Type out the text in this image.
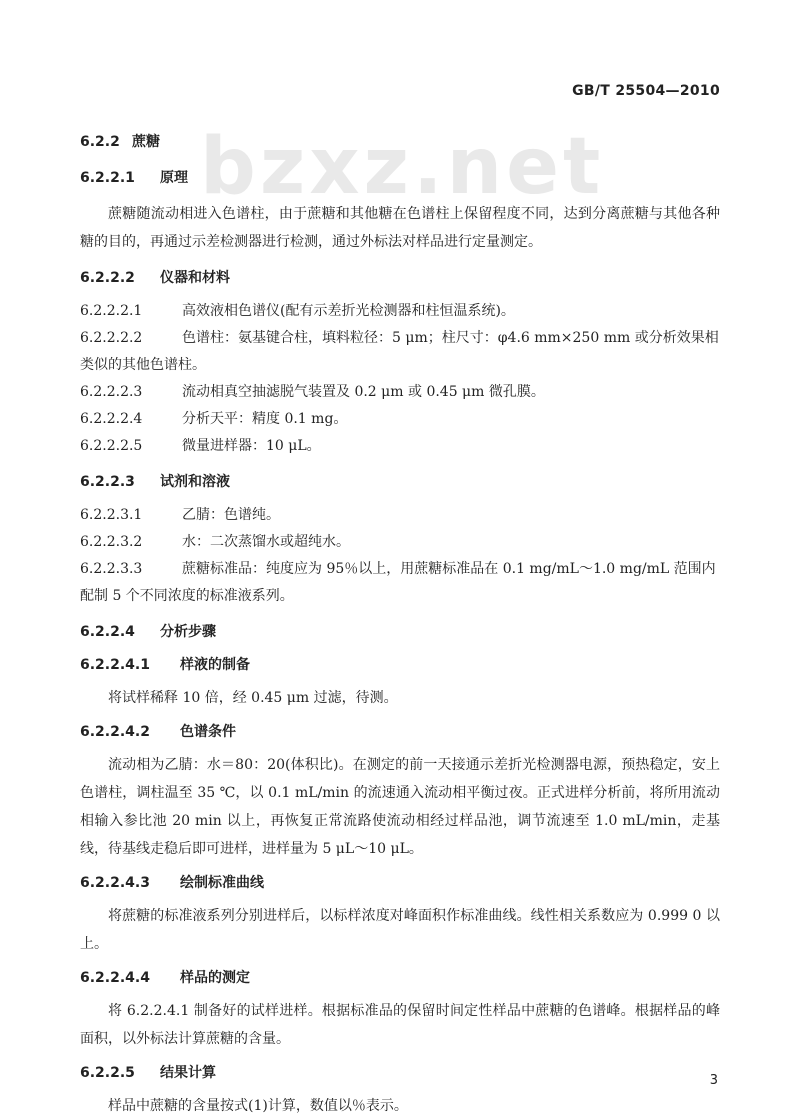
GB/T 25504—2010
bzxz.net
6.2.2 蔗糖
6.2.2.1 原理
蔗糖随流动相进入色谱柱，由于蔗糖和其他糖在色谱柱上保留程度不同，达到分离蔗糖与其他各种糖的目的，再通过示差检测器进行检测，通过外标法对样品进行定量测定。
6.2.2.2 仪器和材料
6.2.2.2.1	高效液相色谱仪(配有示差折光检测器和柱恒温系统)。
6.2.2.2.2	色谱柱：氨基键合柱，填料粒径：5 μm；柱尺寸：φ4.6 mm×250 mm 或分析效果相类似的其他色谱柱。
6.2.2.2.3	流动相真空抽滤脱气装置及 0.2 μm 或 0.45 μm 微孔膜。
6.2.2.2.4	分析天平：精度 0.1 mg。
6.2.2.2.5	微量进样器：10 μL。
6.2.2.3 试剂和溶液
6.2.2.3.1	乙腈：色谱纯。
6.2.2.3.2	水：二次蒸馏水或超纯水。
6.2.2.3.3	蔗糖标准品：纯度应为 95％以上，用蔗糖标准品在 0.1 mg/mL～1.0 mg/mL 范围内配制 5 个不同浓度的标准液系列。
6.2.2.4 分析步骤
6.2.2.4.1 样液的制备
将试样稀释 10 倍，经 0.45 μm 过滤，待测。
6.2.2.4.2 色谱条件
流动相为乙腈：水＝80：20(体积比)。在测定的前一天接通示差折光检测器电源，预热稳定，安上色谱柱，调柱温至 35 ℃，以 0.1 mL/min 的流速通入流动相平衡过夜。正式进样分析前，将所用流动相输入参比池 20 min 以上，再恢复正常流路使流动相经过样品池，调节流速至 1.0 mL/min，走基线，待基线走稳后即可进样，进样量为 5 μL～10 μL。
6.2.2.4.3 绘制标准曲线
将蔗糖的标准液系列分别进样后，以标样浓度对峰面积作标准曲线。线性相关系数应为 0.999 0 以上。
6.2.2.4.4 样品的测定
将 6.2.2.4.1 制备好的试样进样。根据标准品的保留时间定性样品中蔗糖的色谱峰。根据样品的峰面积，以外标法计算蔗糖的含量。
6.2.2.5 结果计算
样品中蔗糖的含量按式(1)计算，数值以％表示。
3
